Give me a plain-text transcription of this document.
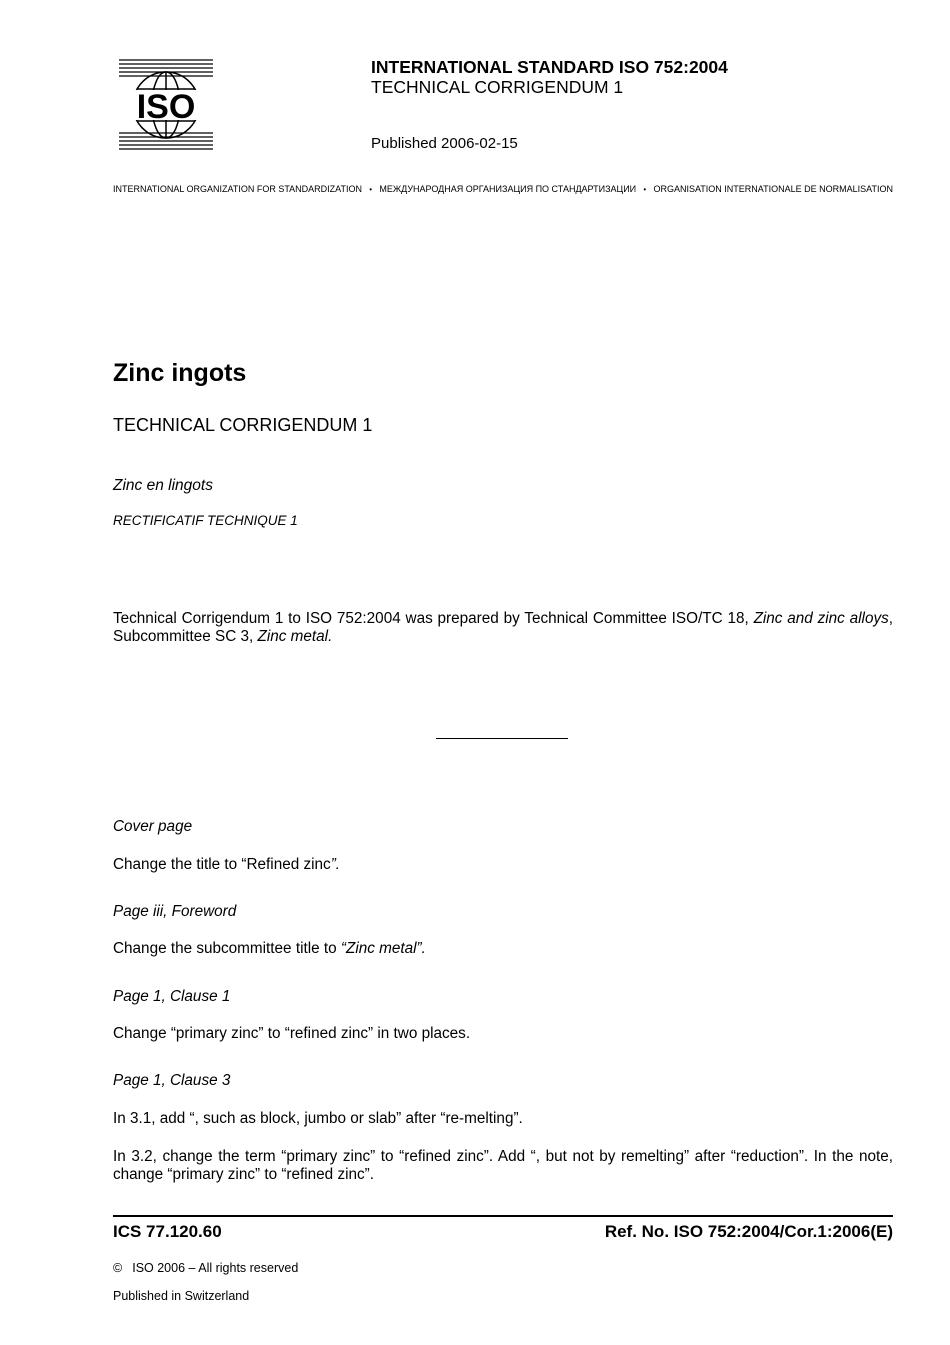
ISO
INTERNATIONAL STANDARD ISO 752:2004
TECHNICAL CORRIGENDUM 1
Published 2006-02-15
INTERNATIONAL ORGANIZATION FOR STANDARDIZATION • МЕЖДУНАРОДНАЯ ОРГАНИЗАЦИЯ ПО СТАНДАРТИЗАЦИИ • ORGANISATION INTERNATIONALE DE NORMALISATION
Zinc ingots
TECHNICAL CORRIGENDUM 1
Zinc en lingots
RECTIFICATIF TECHNIQUE 1
Technical Corrigendum 1 to ISO 752:2004 was prepared by Technical Committee ISO/TC 18, Zinc and zinc alloys, Subcommittee SC 3, Zinc metal.
Cover page
Change the title to “Refined zinc”.
Page iii, Foreword
Change the subcommittee title to “Zinc metal”.
Page 1, Clause 1
Change “primary zinc” to “refined zinc” in two places.
Page 1, Clause 3
In 3.1, add “, such as block, jumbo or slab” after “re-melting”.
In 3.2, change the term “primary zinc” to “refined zinc”. Add “, but not by remelting” after “reduction”. In the note, change “primary zinc” to “refined zinc”.
ICS 77.120.60	Ref. No. ISO 752:2004/Cor.1:2006(E)
© ISO 2006 – All rights reserved
Published in Switzerland
